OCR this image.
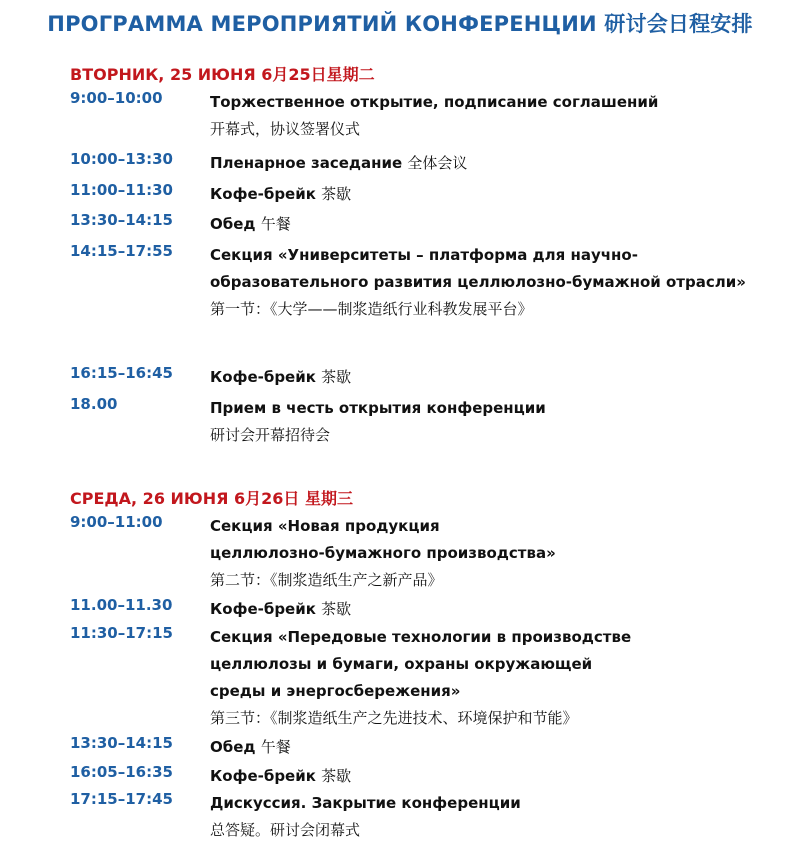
ПРОГРАММА МЕРОПРИЯТИЙ КОНФЕРЕНЦИИ 研讨会日程安排
ВТОРНИК, 25 ИЮНЯ 6月25日星期二
9:00–10:00	Торжественное открытие, подписание соглашений
开幕式，协议签署仪式
10:00–13:30	Пленарное заседание 全体会议
11:00–11:30	Кофе-брейк 茶歇
13:30–14:15	Обед 午餐
14:15–17:55	Секция «Университеты – платформа для научно-
образовательного развития целлюлозно-бумажной отрасли»
第一节：《大学——制浆造纸行业科教发展平台》
16:15–16:45	Кофе-брейк 茶歇
18.00	Прием в честь открытия конференции
研讨会开幕招待会
СРЕДА, 26 ИЮНЯ 6月26日 星期三
9:00–11:00	Секция «Новая продукция
целлюлозно-бумажного производства»
第二节：《制浆造纸生产之新产品》
11.00–11.30	Кофе-брейк 茶歇
11:30–17:15	Секция «Передовые технологии в производстве
целлюлозы и бумаги, охраны окружающей
среды и энергосбережения»
第三节：《制浆造纸生产之先进技术、环境保护和节能》
13:30–14:15	Обед 午餐
16:05–16:35	Кофе-брейк 茶歇
17:15–17:45	Дискуссия. Закрытие конференции
总答疑。研讨会闭幕式
